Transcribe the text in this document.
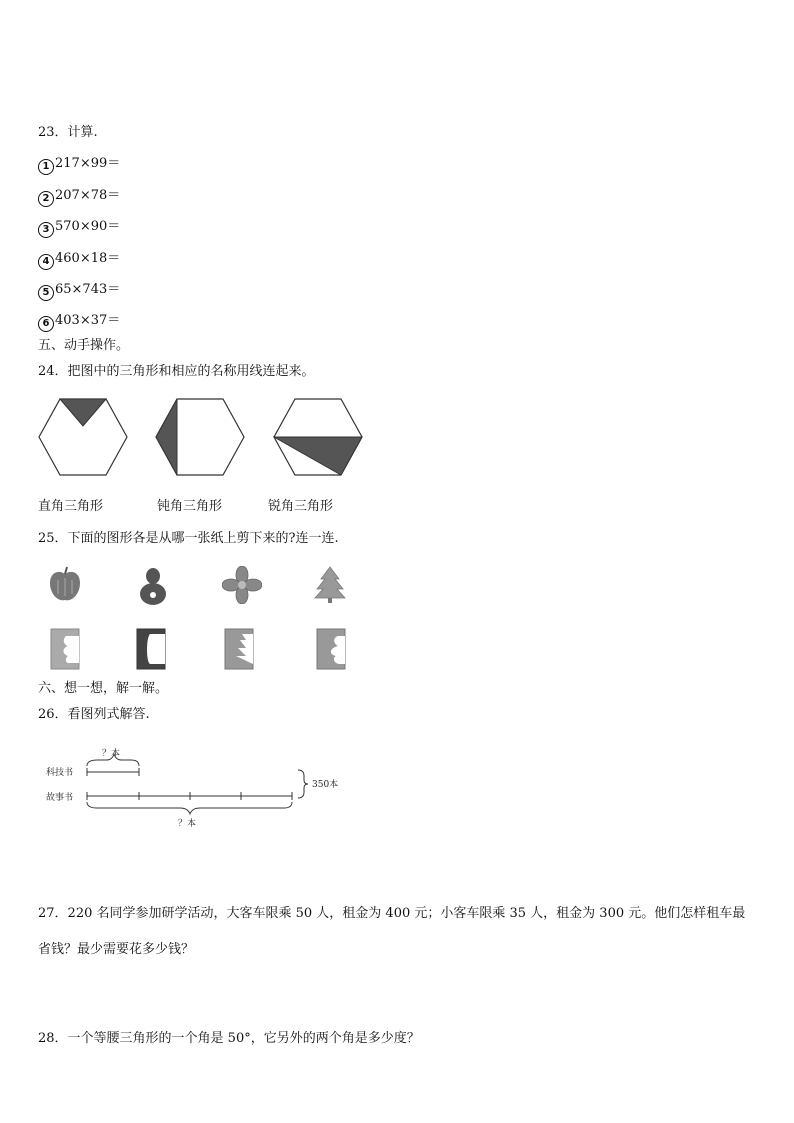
23．计算.
1 217×99＝
2 207×78＝
3 570×90＝
4 460×18＝
5 65×743＝
6 403×37＝
五、动手操作。
24．把图中的三角形和相应的名称用线连起来。
直角三角形	钝角三角形	锐角三角形
25．下面的图形各是从哪一张纸上剪下来的?连一连.
六、想一想，解一解。
26．看图列式解答.
？本
科技书
故事书
350本
？本
27．220 名同学参加研学活动，大客车限乘 50 人，租金为 400 元；小客车限乘 35 人，租金为 300 元。他们怎样租车最省钱？最少需要花多少钱？
28．一个等腰三角形的一个角是 50°，它另外的两个角是多少度？
